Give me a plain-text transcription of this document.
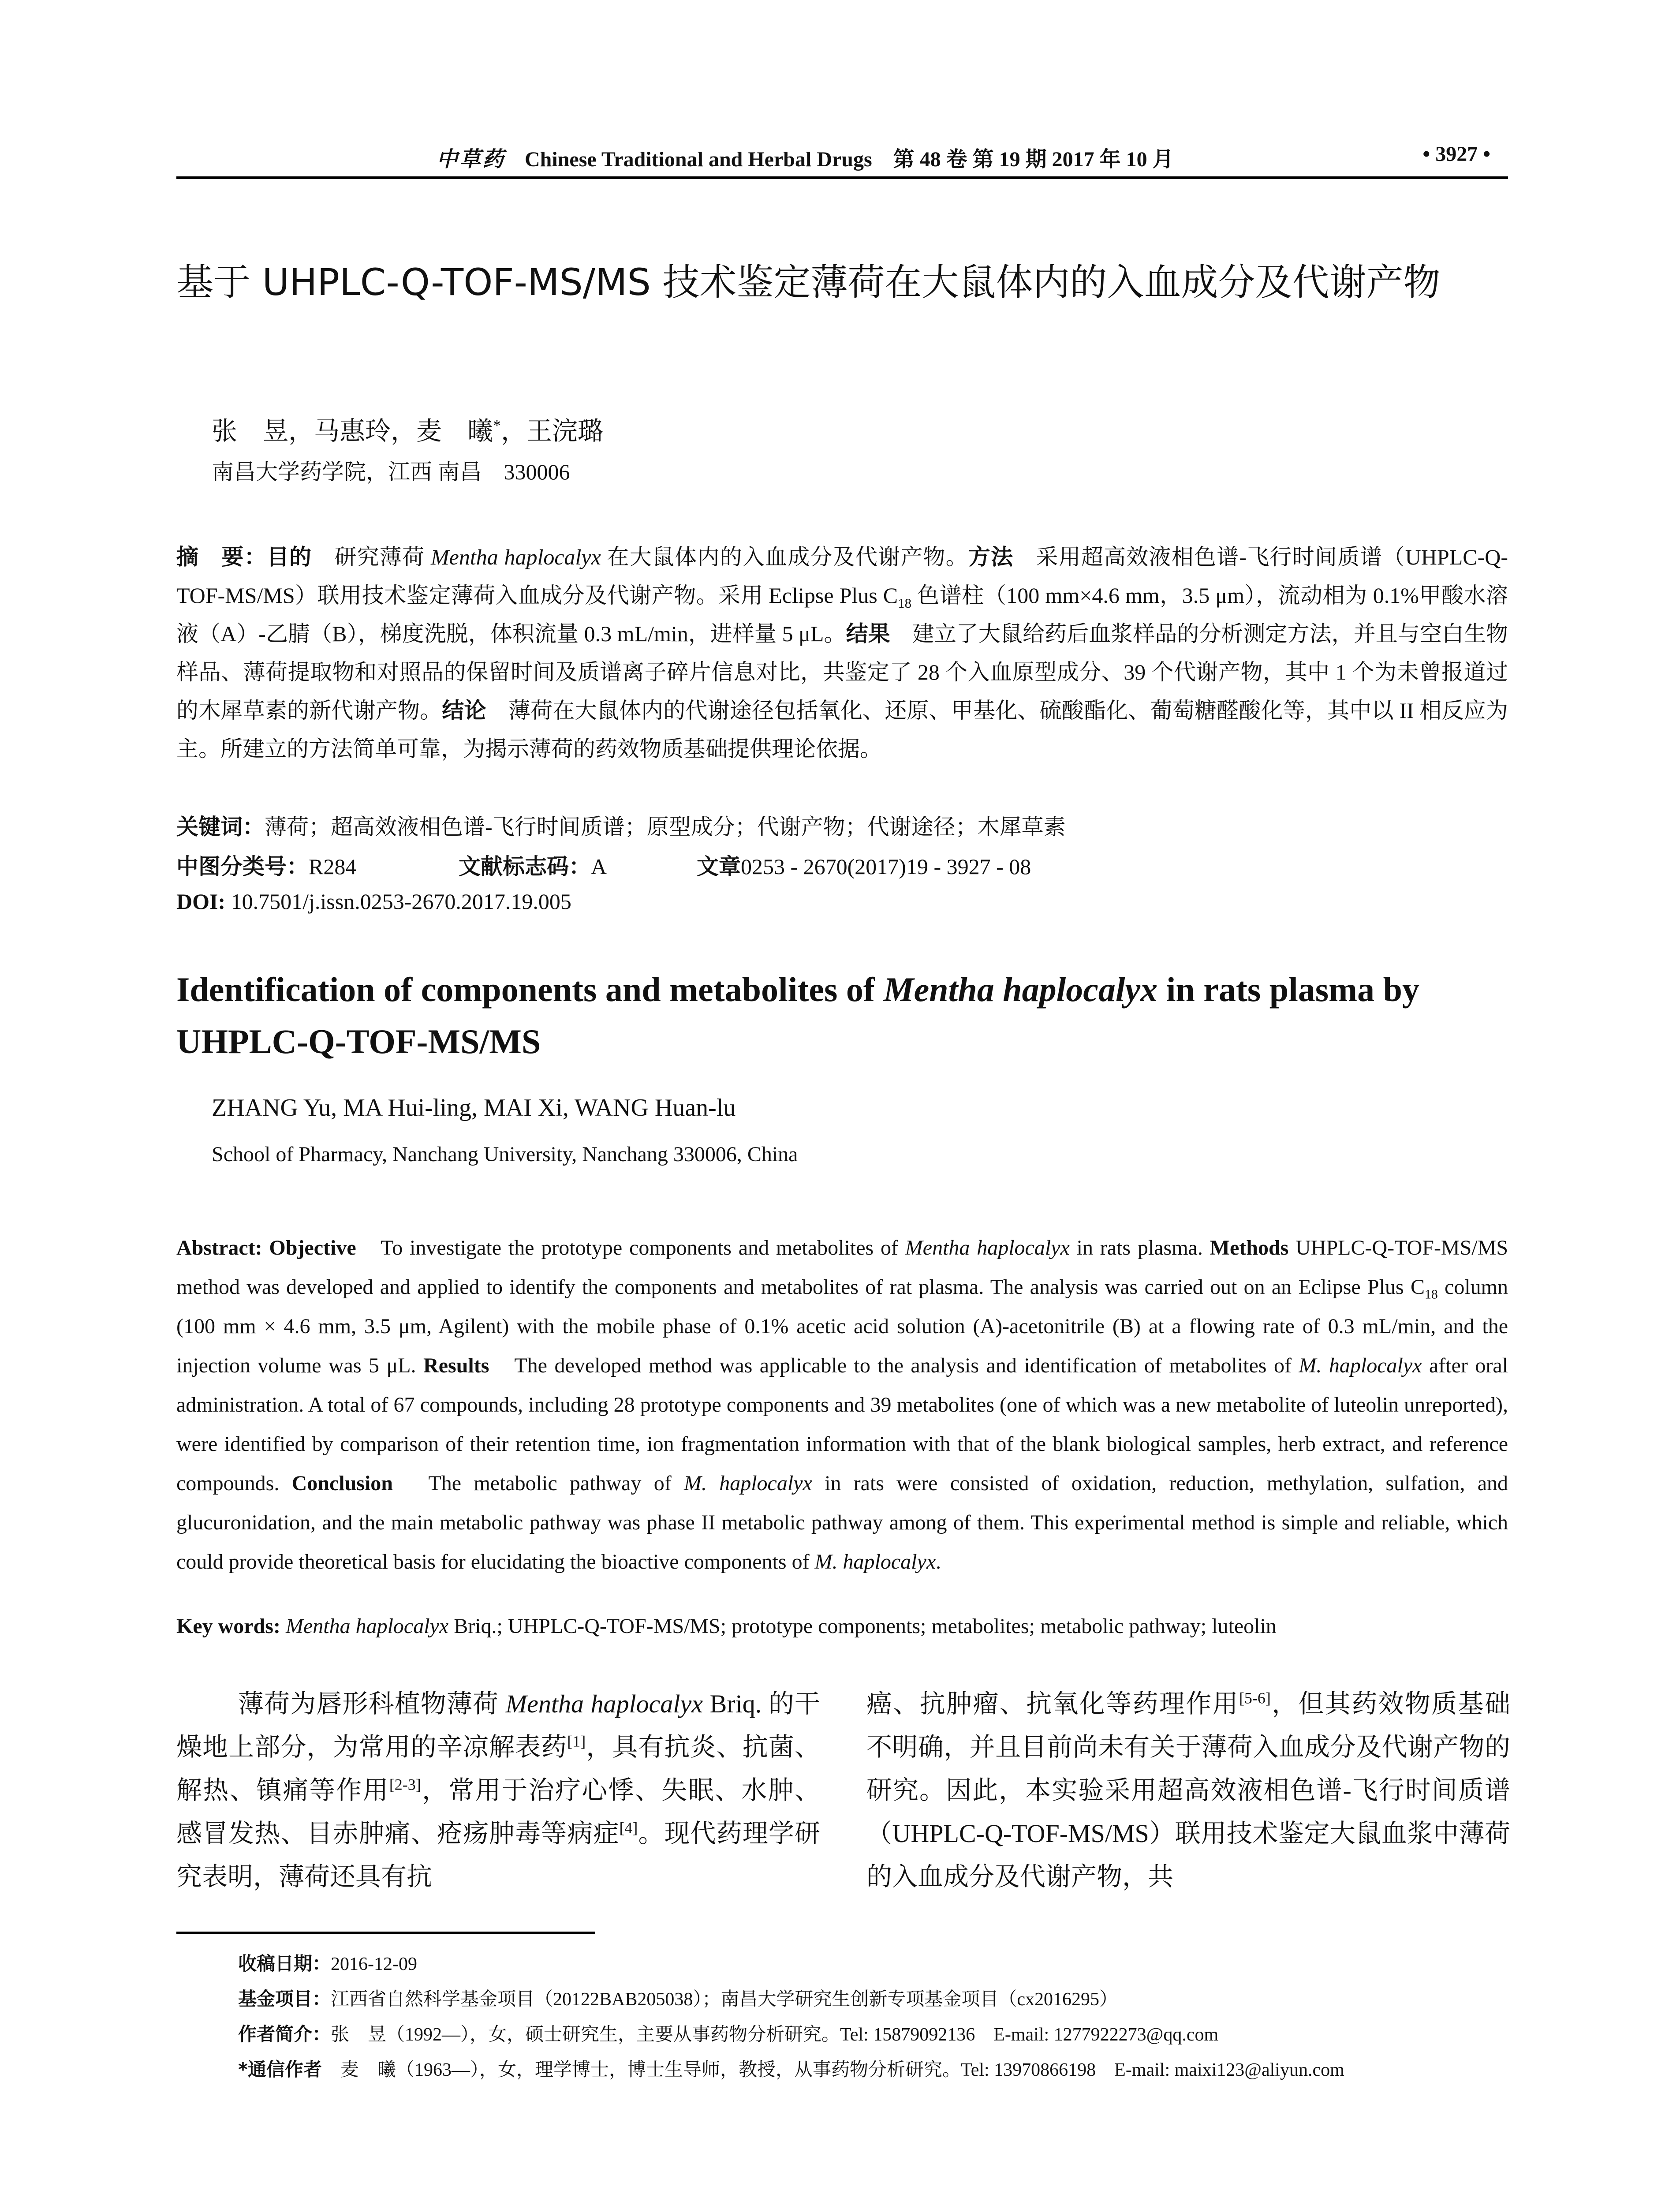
中草药 Chinese Traditional and Herbal Drugs　第 48 卷 第 19 期 2017 年 10 月	• 3927 •
基于 UHPLC-Q-TOF-MS/MS 技术鉴定薄荷在大鼠体内的入血成分及代谢产物
张　昱，马惠玲，麦　曦*，王浣璐
南昌大学药学院，江西 南昌　330006
摘　要：目的　研究薄荷 Mentha haplocalyx 在大鼠体内的入血成分及代谢产物。方法　采用超高效液相色谱-飞行时间质谱（UHPLC-Q-TOF-MS/MS）联用技术鉴定薄荷入血成分及代谢产物。采用 Eclipse Plus $C_{18}$ 色谱柱（100 mm×4.6 mm，3.5 μm），流动相为 0.1%甲酸水溶液（A）-乙腈（B），梯度洗脱，体积流量 0.3 mL/min，进样量 5 μL。结果　建立了大鼠给药后血浆样品的分析测定方法，并且与空白生物样品、薄荷提取物和对照品的保留时间及质谱离子碎片信息对比，共鉴定了 28 个入血原型成分、39 个代谢产物，其中 1 个为未曾报道过的木犀草素的新代谢产物。结论　薄荷在大鼠体内的代谢途径包括氧化、还原、甲基化、硫酸酯化、葡萄糖醛酸化等，其中以 II 相反应为主。所建立的方法简单可靠，为揭示薄荷的药效物质基础提供理论依据。
关键词：薄荷；超高效液相色谱-飞行时间质谱；原型成分；代谢产物；代谢途径；木犀草素
中图分类号：R284	文献标志码：A	文章0253 - 2670(2017)19 - 3927 - 08
DOI: 10.7501/j.issn.0253-2670.2017.19.005
Identification of components and metabolites of Mentha haplocalyx in rats plasma by UHPLC-Q-TOF-MS/MS
ZHANG Yu, MA Hui-ling, MAI Xi, WANG Huan-lu
School of Pharmacy, Nanchang University, Nanchang 330006, China
Abstract: Objective　To investigate the prototype components and metabolites of Mentha haplocalyx in rats plasma. Methods UHPLC-Q-TOF-MS/MS method was developed and applied to identify the components and metabolites of rat plasma. The analysis was carried out on an Eclipse Plus $C_{18}$ column (100 mm × 4.6 mm, 3.5 μm, Agilent) with the mobile phase of 0.1% acetic acid solution (A)-acetonitrile (B) at a flowing rate of 0.3 mL/min, and the injection volume was 5 μL. Results　The developed method was applicable to the analysis and identification of metabolites of M. haplocalyx after oral administration. A total of 67 compounds, including 28 prototype components and 39 metabolites (one of which was a new metabolite of luteolin unreported), were identified by comparison of their retention time, ion fragmentation information with that of the blank biological samples, herb extract, and reference compounds. Conclusion　The metabolic pathway of M. haplocalyx in rats were consisted of oxidation, reduction, methylation, sulfation, and glucuronidation, and the main metabolic pathway was phase II metabolic pathway among of them. This experimental method is simple and reliable, which could provide theoretical basis for elucidating the bioactive components of M. haplocalyx.
Key words: Mentha haplocalyx Briq.; UHPLC-Q-TOF-MS/MS; prototype components; metabolites; metabolic pathway; luteolin
薄荷为唇形科植物薄荷 Mentha haplocalyx Briq. 的干燥地上部分，为常用的辛凉解表药[1]，具有抗炎、抗菌、解热、镇痛等作用[2-3]，常用于治疗心悸、失眠、水肿、感冒发热、目赤肿痛、疮疡肿毒等病症[4]。现代药理学研究表明，薄荷还具有抗
癌、抗肿瘤、抗氧化等药理作用[5-6]，但其药效物质基础不明确，并且目前尚未有关于薄荷入血成分及代谢产物的研究。因此，本实验采用超高效液相色谱-飞行时间质谱（UHPLC-Q-TOF-MS/MS）联用技术鉴定大鼠血浆中薄荷的入血成分及代谢产物，共
收稿日期：2016-12-09
基金项目：江西省自然科学基金项目（20122BAB205038）；南昌大学研究生创新专项基金项目（cx2016295）
作者简介：张　昱（1992—），女，硕士研究生，主要从事药物分析研究。Tel: 15879092136　E-mail: 1277922273@qq.com
*通信作者　麦　曦（1963—），女，理学博士，博士生导师，教授，从事药物分析研究。Tel: 13970866198　E-mail: maixi123@aliyun.com
